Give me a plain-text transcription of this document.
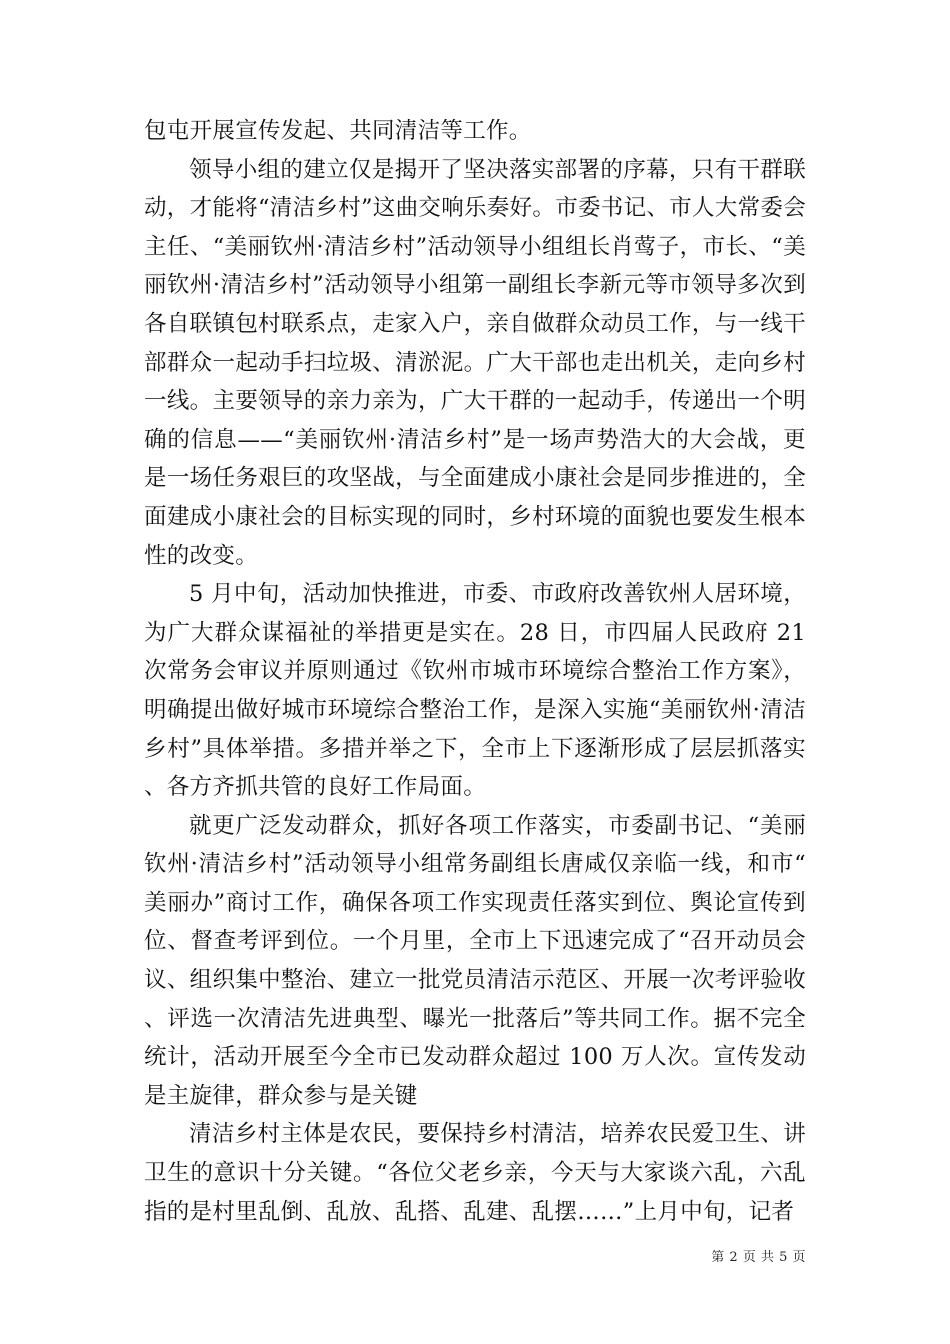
包屯开展宣传发起、共同清洁等工作。

领导小组的建立仅是揭开了坚决落实部署的序幕，只有干群联动，才能将“清洁乡村”这曲交响乐奏好。市委书记、市人大常委会主任、“美丽钦州·清洁乡村”活动领导小组组长肖莺子，市长、“美丽钦州·清洁乡村”活动领导小组第一副组长李新元等市领导多次到各自联镇包村联系点，走家入户，亲自做群众动员工作，与一线干部群众一起动手扫垃圾、清淤泥。广大干部也走出机关，走向乡村一线。主要领导的亲力亲为，广大干群的一起动手，传递出一个明确的信息——“美丽钦州·清洁乡村”是一场声势浩大的大会战，更是一场任务艰巨的攻坚战，与全面建成小康社会是同步推进的，全面建成小康社会的目标实现的同时，乡村环境的面貌也要发生根本性的改变。

5 月中旬，活动加快推进，市委、市政府改善钦州人居环境，为广大群众谋福祉的举措更是实在。28 日，市四届人民政府 21 次常务会审议并原则通过《钦州市城市环境综合整治工作方案》，明确提出做好城市环境综合整治工作，是深入实施“美丽钦州·清洁乡村”具体举措。多措并举之下，全市上下逐渐形成了层层抓落实、各方齐抓共管的良好工作局面。

就更广泛发动群众，抓好各项工作落实，市委副书记、“美丽钦州·清洁乡村”活动领导小组常务副组长唐咸仅亲临一线，和市“美丽办”商讨工作，确保各项工作实现责任落实到位、舆论宣传到位、督查考评到位。一个月里，全市上下迅速完成了“召开动员会议、组织集中整治、建立一批党员清洁示范区、开展一次考评验收、评选一次清洁先进典型、曝光一批落后”等共同工作。据不完全统计，活动开展至今全市已发动群众超过 100 万人次。宣传发动是主旋律，群众参与是关键

清洁乡村主体是农民，要保持乡村清洁，培养农民爱卫生、讲卫生的意识十分关键。“各位父老乡亲，今天与大家谈六乱，六乱指的是村里乱倒、乱放、乱搭、乱建、乱摆……”上月中旬，记者

第 2 页 共 5 页
